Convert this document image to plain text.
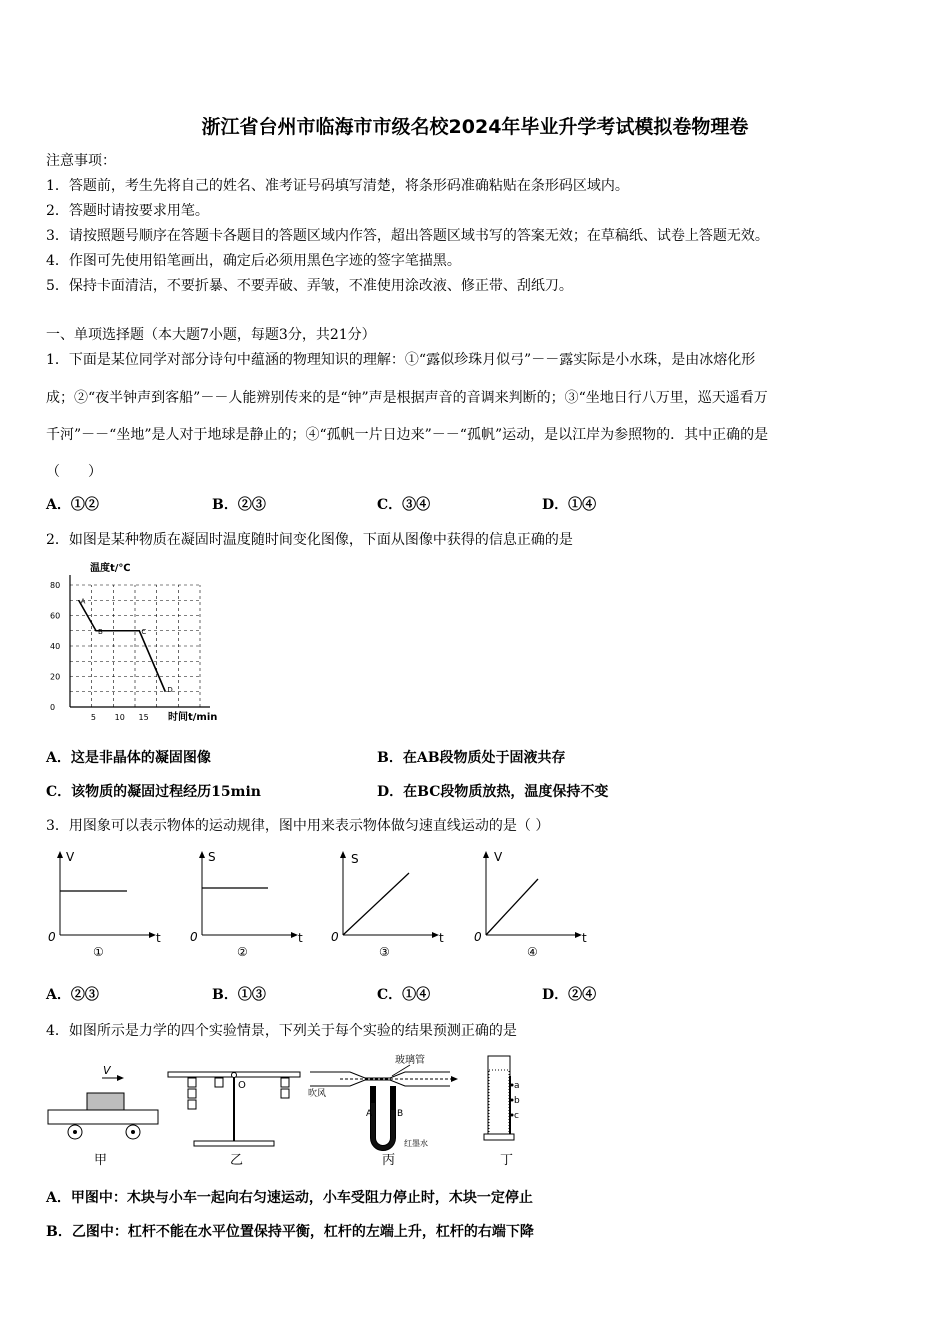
浙江省台州市临海市市级名校2024年毕业升学考试模拟卷物理卷
注意事项：
1．答题前，考生先将自己的姓名、准考证号码填写清楚，将条形码准确粘贴在条形码区域内。
2．答题时请按要求用笔。
3．请按照题号顺序在答题卡各题目的答题区域内作答，超出答题区域书写的答案无效；在草稿纸、试卷上答题无效。
4．作图可先使用铅笔画出，确定后必须用黑色字迹的签字笔描黑。
5．保持卡面清洁，不要折暴、不要弄破、弄皱，不准使用涂改液、修正带、刮纸刀。
一、单项选择题（本大题7小题，每题3分，共21分）
1．下面是某位同学对部分诗句中蕴涵的物理知识的理解：①“露似珍珠月似弓”－－露实际是小水珠，是由冰熔化形
成；②“夜半钟声到客船”－－人能辨别传来的是“钟”声是根据声音的音调来判断的；③“坐地日行八万里，巡天遥看万
千河”－－“坐地”是人对于地球是静止的；④“孤帆一片日边来”－－“孤帆”运动，是以江岸为参照物的．其中正确的是
（　　）
A．①②	B．②③	C．③④	D．①④
2．如图是某种物质在凝固时温度随时间变化图像，下面从图像中获得的信息正确的是
温度t/℃
时间t/min
0
20
40
60
80
5 10 15
A
B	C
D
A．这是非晶体的凝固图像	B．在AB段物质处于固液共存
C．该物质的凝固过程经历15min	D．在BC段物质放热，温度保持不变
3．用图象可以表示物体的运动规律，图中用来表示物体做匀速直线运动的是（ ）
V
t
0
①
S
t
0
②
S
t
0
③
V
t
0
④
A．②③	B．①③	C．①④	D．②④
4．如图所示是力学的四个实验情景，下列关于每个实验的结果预测正确的是
V
甲
O
乙
玻璃管
吹风
A	B
红墨水
丙
a
b
c
丁
A．甲图中：木块与小车一起向右匀速运动，小车受阻力停止时，木块一定停止
B．乙图中：杠杆不能在水平位置保持平衡，杠杆的左端上升，杠杆的右端下降
